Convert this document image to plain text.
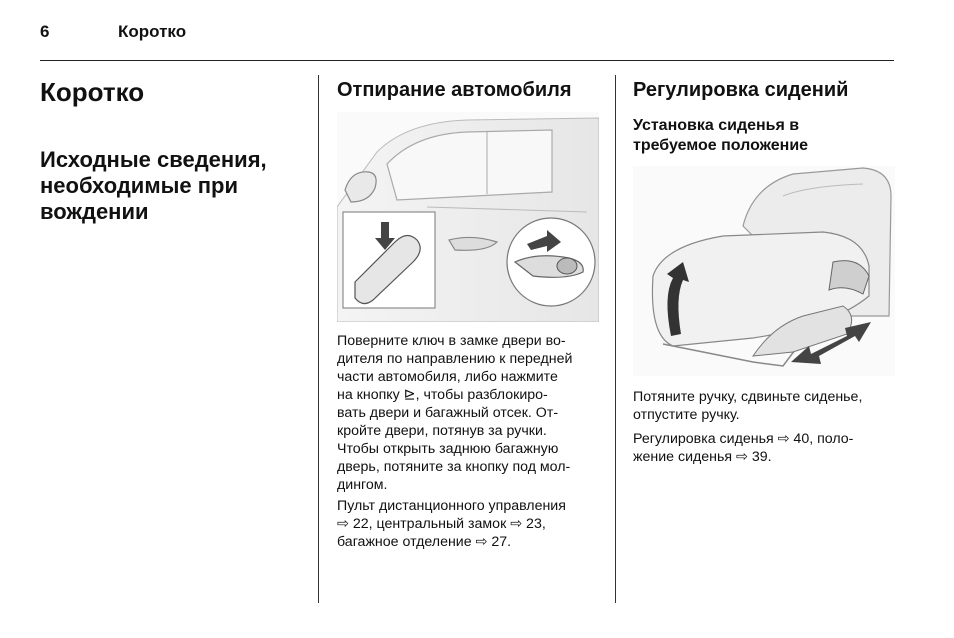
6	Коротко
Коротко
Исходные сведения,
необходимые при
вождении
Отпирание автомобиля

Поверните ключ в замке двери во-
дителя по направлению к передней
части автомобиля, либо нажмите
на кнопку ⊵, чтобы разблокиро-
вать двери и багажный отсек. От-
кройте двери, потянув за ручки.
Чтобы открыть заднюю багажную
дверь, потяните за кнопку под мол-
дингом.

Пульт дистанционного управления
⇨ 22, центральный замок ⇨ 23,
багажное отделение ⇨ 27.

Регулировка сидений
Установка сиденья в
требуемое положение

Потяните ручку, сдвиньте сиденье,
отпустите ручку.

Регулировка сиденья ⇨ 40, поло-
жение сиденья ⇨ 39.
